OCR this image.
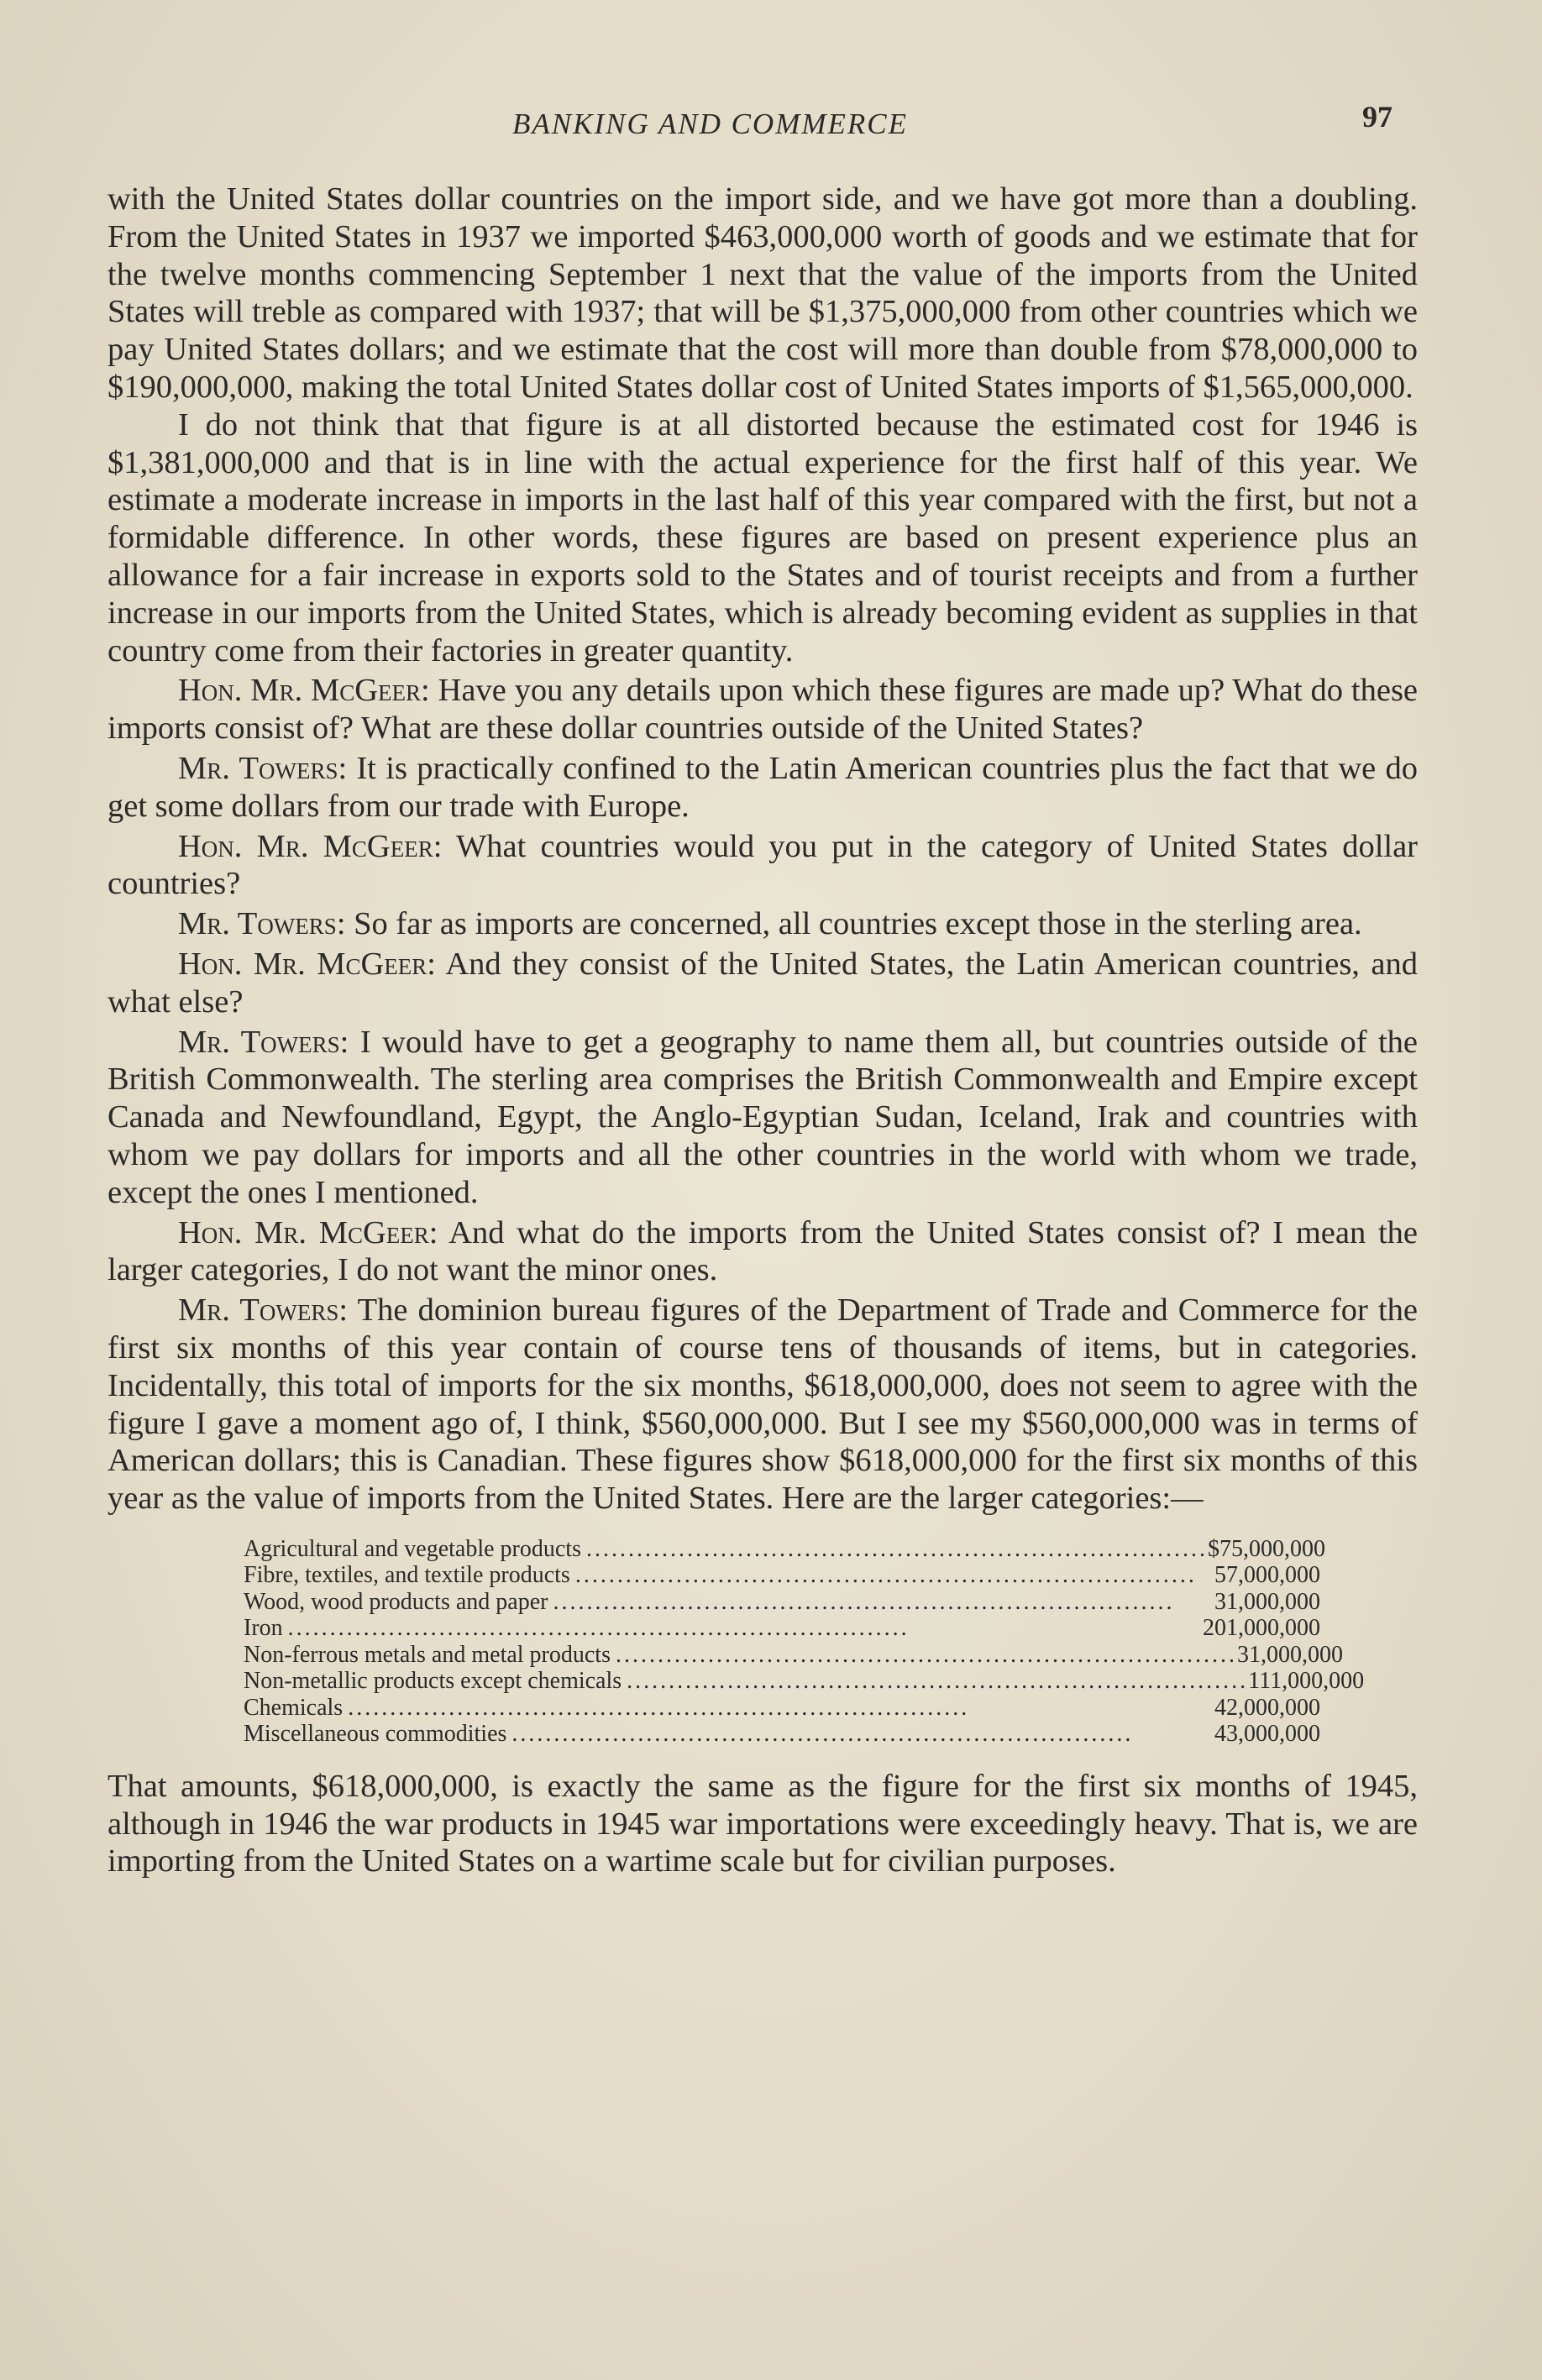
BANKING AND COMMERCE	97

with the United States dollar countries on the import side, and we have got more than a doubling. From the United States in 1937 we imported $463,000,000 worth of goods and we estimate that for the twelve months commencing September 1 next that the value of the imports from the United States will treble as compared with 1937; that will be $1,375,000,000 from other countries which we pay United States dollars; and we estimate that the cost will more than double from $78,000,000 to $190,000,000, making the total United States dollar cost of United States imports of $1,565,000,000.

I do not think that that figure is at all distorted because the estimated cost for 1946 is $1,381,000,000 and that is in line with the actual experience for the first half of this year. We estimate a moderate increase in imports in the last half of this year compared with the first, but not a formidable difference. In other words, these figures are based on present experience plus an allowance for a fair increase in exports sold to the States and of tourist receipts and from a further increase in our imports from the United States, which is already becoming evident as supplies in that country come from their factories in greater quantity.

Hon. Mr. McGeer: Have you any details upon which these figures are made up? What do these imports consist of? What are these dollar countries outside of the United States?

Mr. Towers: It is practically confined to the Latin American countries plus the fact that we do get some dollars from our trade with Europe.

Hon. Mr. McGeer: What countries would you put in the category of United States dollar countries?

Mr. Towers: So far as imports are concerned, all countries except those in the sterling area.

Hon. Mr. McGeer: And they consist of the United States, the Latin American countries, and what else?

Mr. Towers: I would have to get a geography to name them all, but countries outside of the British Commonwealth. The sterling area comprises the British Commonwealth and Empire except Canada and Newfoundland, Egypt, the Anglo-Egyptian Sudan, Iceland, Irak and countries with whom we pay dollars for imports and all the other countries in the world with whom we trade, except the ones I mentioned.

Hon. Mr. McGeer: And what do the imports from the United States consist of? I mean the larger categories, I do not want the minor ones.

Mr. Towers: The dominion bureau figures of the Department of Trade and Commerce for the first six months of this year contain of course tens of thousands of items, but in categories. Incidentally, this total of imports for the six months, $618,000,000, does not seem to agree with the figure I gave a moment ago of, I think, $560,000,000. But I see my $560,000,000 was in terms of American dollars; this is Canadian. These figures show $618,000,000 for the first six months of this year as the value of imports from the United States. Here are the larger categories:—

Agricultural and vegetable products .......................................................................... $ 75,000,000
Fibre, textiles, and textile products .......................................................................... 57,000,000
Wood, wood products and paper ..........................................................................	31,000,000
Iron ..........................................................................	201,000,000
Non-ferrous metals and metal products .......................................................................... 31,000,000
Non-metallic products except chemicals .......................................................................... 111,000,000
Chemicals ..........................................................................	42,000,000
Miscellaneous commodities ..........................................................................	43,000,000

That amounts, $618,000,000, is exactly the same as the figure for the first six months of 1945, although in 1946 the war products in 1945 war importations were exceedingly heavy. That is, we are importing from the United States on a wartime scale but for civilian purposes.
